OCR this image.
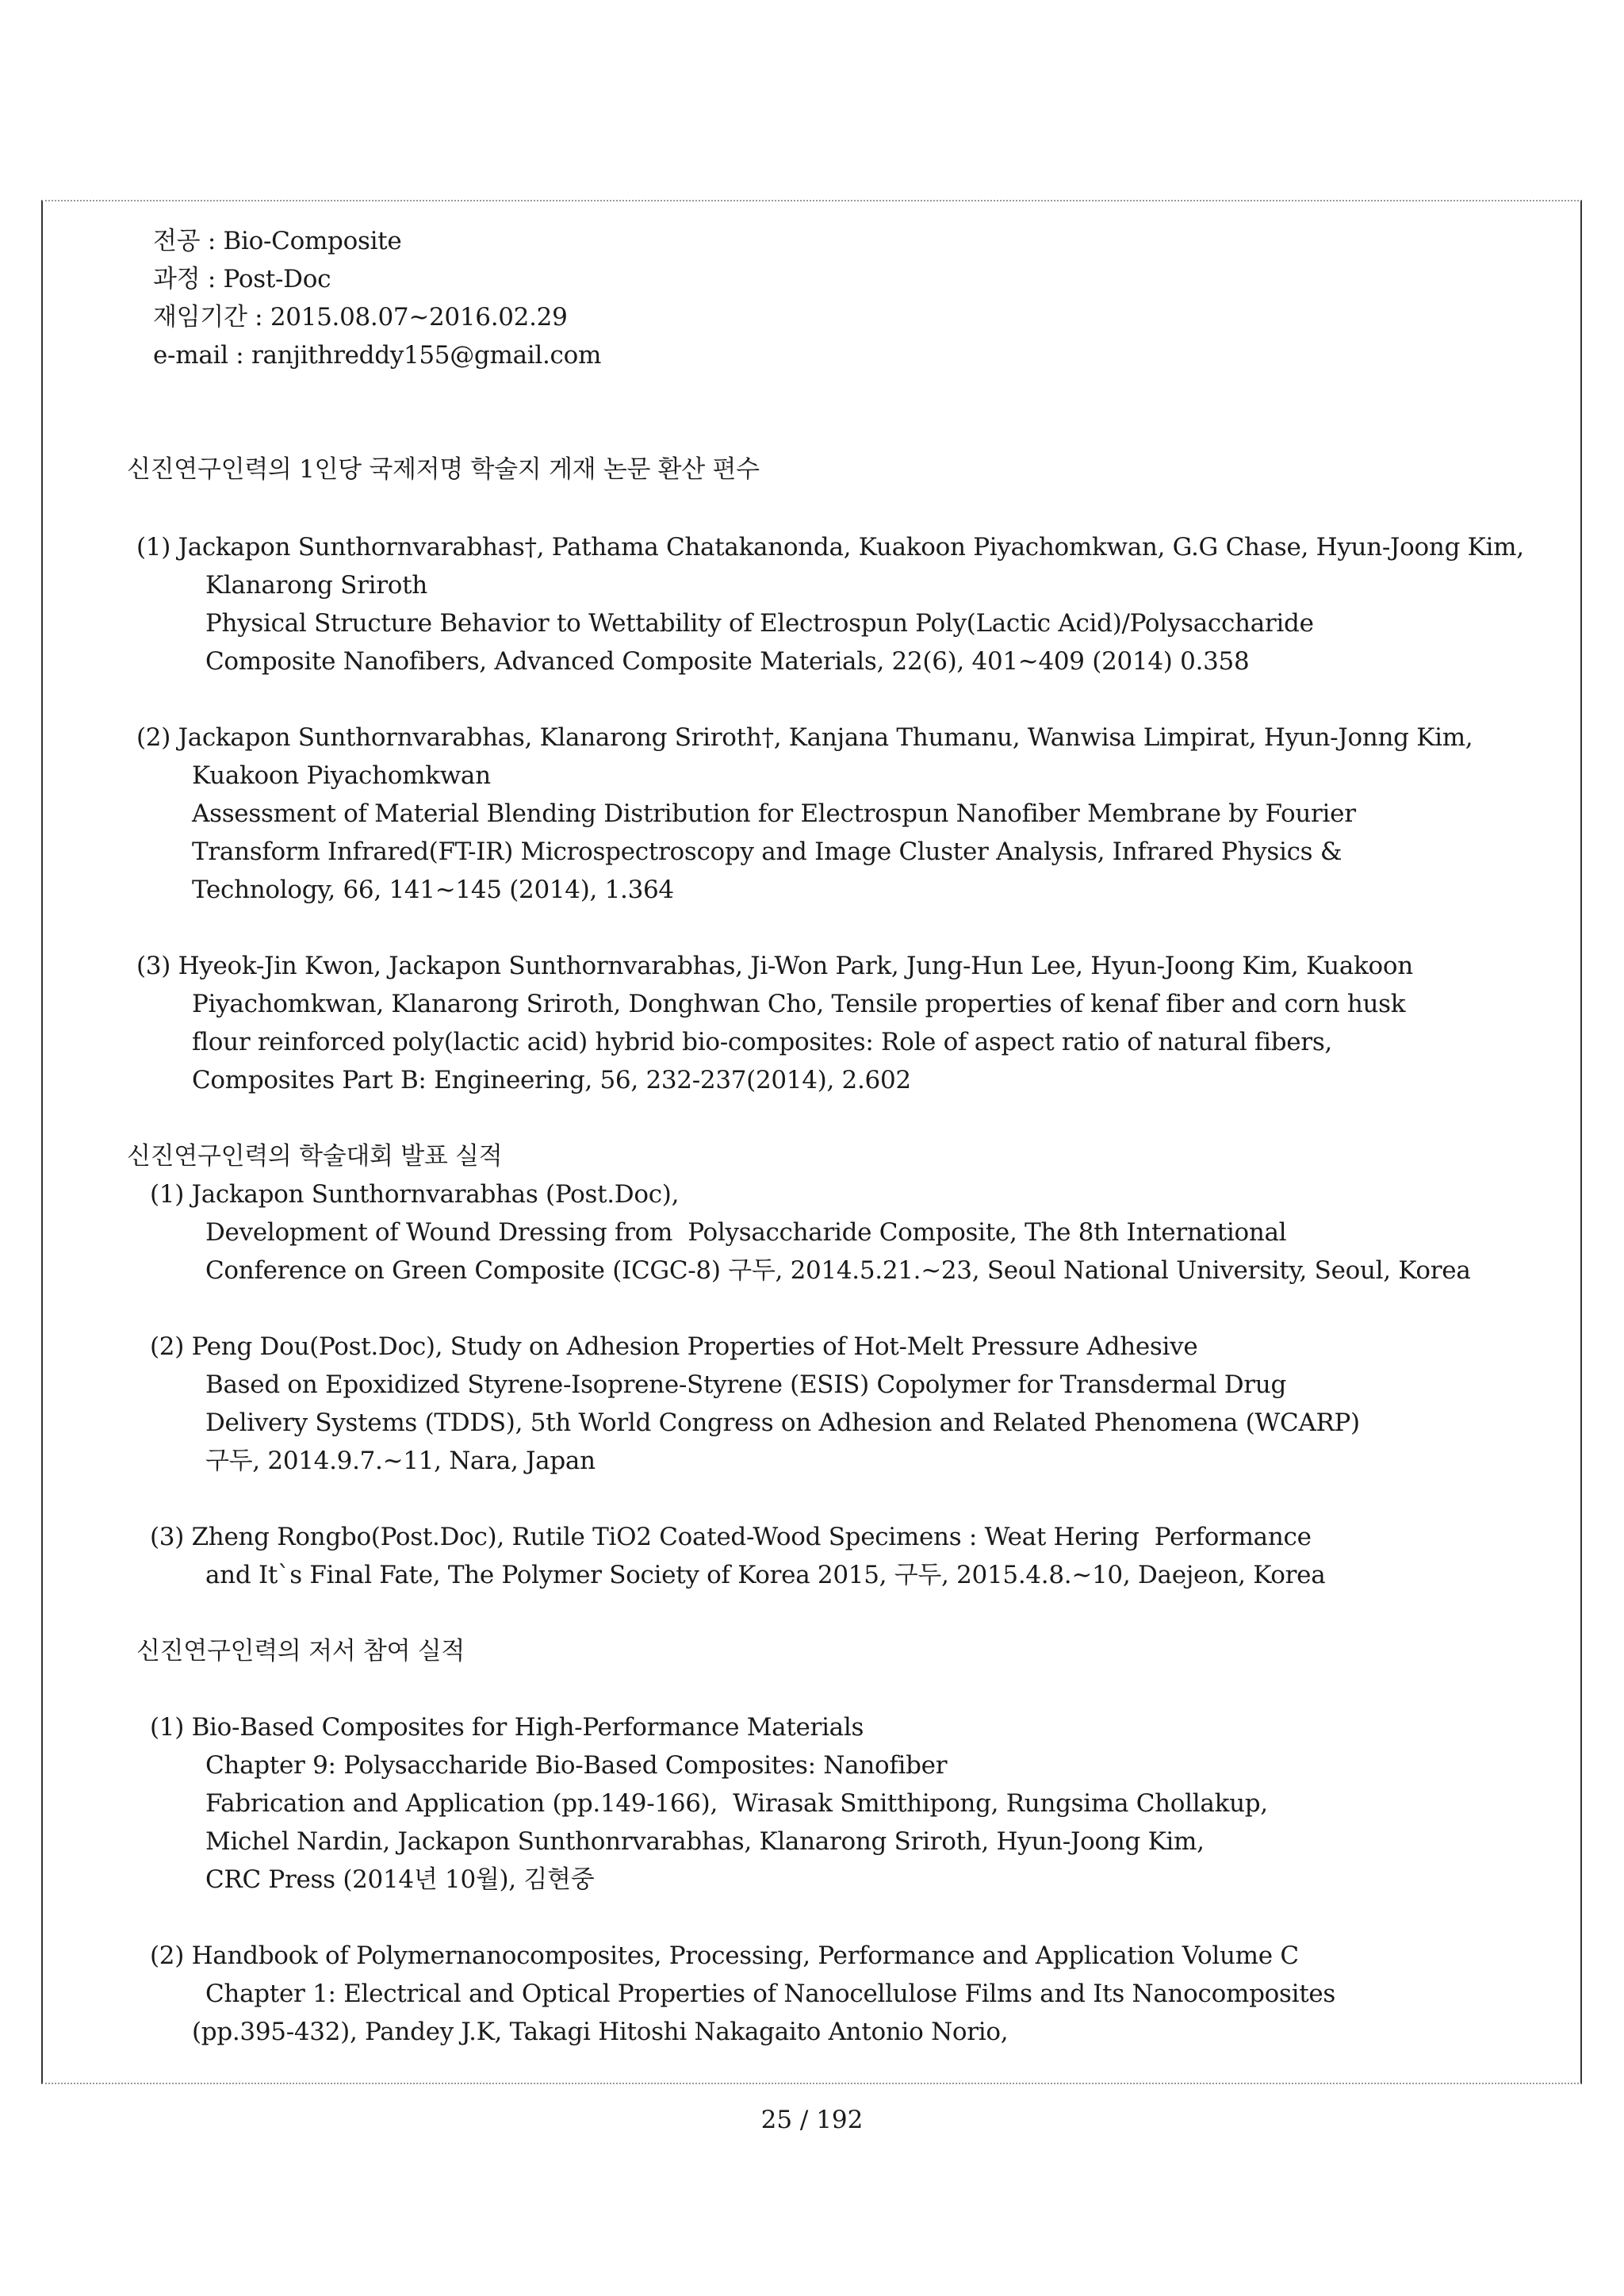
전공 : Bio-Composite
과정 : Post-Doc
재임기간 : 2015.08.07~2016.02.29
e-mail : ranjithreddy155@gmail.com
신진연구인력의 1인당 국제저명 학술지 게재 논문 환산 편수
(1) Jackapon Sunthornvarabhas†, Pathama Chatakanonda, Kuakoon Piyachomkwan, G.G Chase, Hyun-Joong Kim,
Klanarong Sriroth
Physical Structure Behavior to Wettability of Electrospun Poly(Lactic Acid)/Polysaccharide
Composite Nanofibers, Advanced Composite Materials, 22(6), 401~409 (2014) 0.358
(2) Jackapon Sunthornvarabhas, Klanarong Sriroth†, Kanjana Thumanu, Wanwisa Limpirat, Hyun-Jonng Kim,
Kuakoon Piyachomkwan
Assessment of Material Blending Distribution for Electrospun Nanofiber Membrane by Fourier
Transform Infrared(FT-IR) Microspectroscopy and Image Cluster Analysis, Infrared Physics &
Technology, 66, 141~145 (2014), 1.364
(3) Hyeok-Jin Kwon, Jackapon Sunthornvarabhas, Ji-Won Park, Jung-Hun Lee, Hyun-Joong Kim, Kuakoon
Piyachomkwan, Klanarong Sriroth, Donghwan Cho, Tensile properties of kenaf fiber and corn husk
flour reinforced poly(lactic acid) hybrid bio-composites: Role of aspect ratio of natural fibers,
Composites Part B: Engineering, 56, 232-237(2014), 2.602
신진연구인력의 학술대회 발표 실적
(1) Jackapon Sunthornvarabhas (Post.Doc),
Development of Wound Dressing from  Polysaccharide Composite, The 8th International
Conference on Green Composite (ICGC-8) 구두, 2014.5.21.~23, Seoul National University, Seoul, Korea
(2) Peng Dou(Post.Doc), Study on Adhesion Properties of Hot-Melt Pressure Adhesive
Based on Epoxidized Styrene-Isoprene-Styrene (ESIS) Copolymer for Transdermal Drug
Delivery Systems (TDDS), 5th World Congress on Adhesion and Related Phenomena (WCARP)
구두, 2014.9.7.~11, Nara, Japan
(3) Zheng Rongbo(Post.Doc), Rutile TiO2 Coated-Wood Specimens : Weat Hering  Performance
and It`s Final Fate, The Polymer Society of Korea 2015, 구두, 2015.4.8.~10, Daejeon, Korea
신진연구인력의 저서 참여 실적
(1) Bio-Based Composites for High-Performance Materials
Chapter 9: Polysaccharide Bio-Based Composites: Nanofiber
Fabrication and Application (pp.149-166),  Wirasak Smitthipong, Rungsima Chollakup,
Michel Nardin, Jackapon Sunthonrvarabhas, Klanarong Sriroth, Hyun-Joong Kim,
CRC Press (2014년 10월), 김현중
(2) Handbook of Polymernanocomposites, Processing, Performance and Application Volume C
Chapter 1: Electrical and Optical Properties of Nanocellulose Films and Its Nanocomposites
(pp.395-432), Pandey J.K, Takagi Hitoshi Nakagaito Antonio Norio,
25 / 192
